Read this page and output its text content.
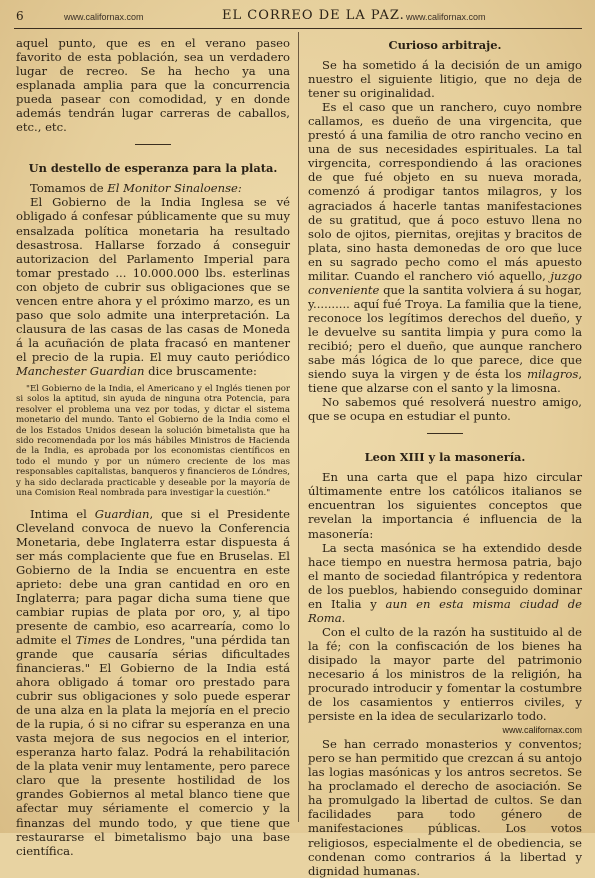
6	www.californax.com	EL CORREO DE LA PAZ. www.californax.com

aquel punto, que es en el verano paseo favorito de esta población, sea un verdadero lugar de recreo. Se ha hecho ya una esplanada amplia para que la concurrencia pueda pasear con comodidad, y en donde además tendrán lugar carreras de caballos, etc., etc.

Un destello de esperanza para la plata.

Tomamos de El Monitor Sinaloense:

El Gobierno de la India Inglesa se vé obligado á confesar públicamente que su muy ensalzada política monetaria ha resultado desastrosa. Hallarse forzado á conseguir autorizacion del Parlamento Imperial para tomar prestado ... 10.000.000 lbs. esterlinas con objeto de cubrir sus obligaciones que se vencen entre ahora y el próximo marzo, es un paso que solo admite una interpretación. La clausura de las casas de las casas de Moneda á la acuñación de plata fracasó en mantener el precio de la rupia. El muy cauto periódico Manchester Guardian dice bruscamente:

"El Gobierno de la India, el Americano y el Inglés tienen por si solos la aptitud, sin ayuda de ninguna otra Potencia, para resolver el problema una vez por todas, y dictar el sistema monetario del mundo. Tanto el Gobierno de la India como el de los Estados Unidos desean la solución bimetalista que ha sido recomendada por los más hábiles Ministros de Hacienda de la India, es aprobada por los economistas científicos en todo el mundo y por un número creciente de los mas responsables capitalistas, banqueros y financieros de Lóndres, y ha sido declarada practicable y deseable por la mayoría de una Comision Real nombrada para investigar la cuestión."

Intima el Guardian, que si el Presidente Cleveland convoca de nuevo la Conferencia Monetaria, debe Inglaterra estar dispuesta á ser más complaciente que fue en Bruselas. El Gobierno de la India se encuentra en este aprieto: debe una gran cantidad en oro en Inglaterra; para pagar dicha suma tiene que cambiar rupias de plata por oro, y, al tipo presente de cambio, eso acarrearía, como lo admite el Times de Londres, "una pérdida tan grande que causaría sérias dificultades financieras." El Gobierno de la India está ahora obligado á tomar oro prestado para cubrir sus obligaciones y solo puede esperar de una alza en la plata la mejoría en el precio de la rupia, ó si no cifrar su esperanza en una vasta mejora de sus negocios en el interior, esperanza harto falaz. Podrá la rehabilitación de la plata venir muy lentamente, pero parece claro que la presente hostilidad de los grandes Gobiernos al metal blanco tiene que afectar muy sériamente el comercio y la finanzas del mundo todo, y que tiene que restaurarse el bimetalismo bajo una base científica.

Curioso arbitraje.

Se ha sometido á la decisión de un amigo nuestro el siguiente litigio, que no deja de tener su originalidad.

Es el caso que un ranchero, cuyo nombre callamos, es dueño de una virgencita, que prestó á una familia de otro rancho vecino en una de sus necesidades espirituales. La tal virgencita, correspondiendo á las oraciones de que fué objeto en su nueva morada, comenzó á prodigar tantos milagros, y los agraciados á hacerle tantas manifestaciones de su gratitud, que á poco estuvo llena no solo de ojitos, piernitas, orejitas y bracitos de plata, sino hasta demonedas de oro que luce en su sagrado pecho como el más apuesto militar. Cuando el ranchero vió aquello, juzgo conveniente que la santita volviera á su hogar, y.......... aquí fué Troya. La familia que la tiene, reconoce los legítimos derechos del dueño, y le devuelve su santita limpia y pura como la recibió; pero el dueño, que aunque ranchero sabe más lógica de lo que parece, dice que siendo suya la virgen y de ésta los milagros, tiene que alzarse con el santo y la limosna.

No sabemos qué resolverá nuestro amigo, que se ocupa en estudiar el punto.

Leon XIII y la masonería.

En una carta que el papa hizo circular últimamente entre los católicos italianos se encuentran los siguientes conceptos que revelan la importancia é influencia de la masonería:

La secta masónica se ha extendido desde hace tiempo en nuestra hermosa patria, bajo el manto de sociedad filantrópica y redentora de los pueblos, habiendo conseguido dominar en Italia y aun en esta misma ciudad de Roma.

Con el culto de la razón ha sustituido al de la fé; con la confiscación de los bienes ha disipado la mayor parte del patrimonio necesario á los ministros de la religión, ha procurado introducir y fomentar la costumbre de los casamientos y entierros civiles, y persiste en la idea de secularizarlo todo.

www.californax.com

Se han cerrado monasterios y conventos; pero se han permitido que crezcan á su antojo las logias masónicas y los antros secretos. Se ha proclamado el derecho de asociación. Se ha promulgado la libertad de cultos. Se dan facilidades para todo género de manifestaciones públicas. Los votos religiosos, especialmente el de obediencia, se condenan como contrarios á la libertad y dignidad humanas.
